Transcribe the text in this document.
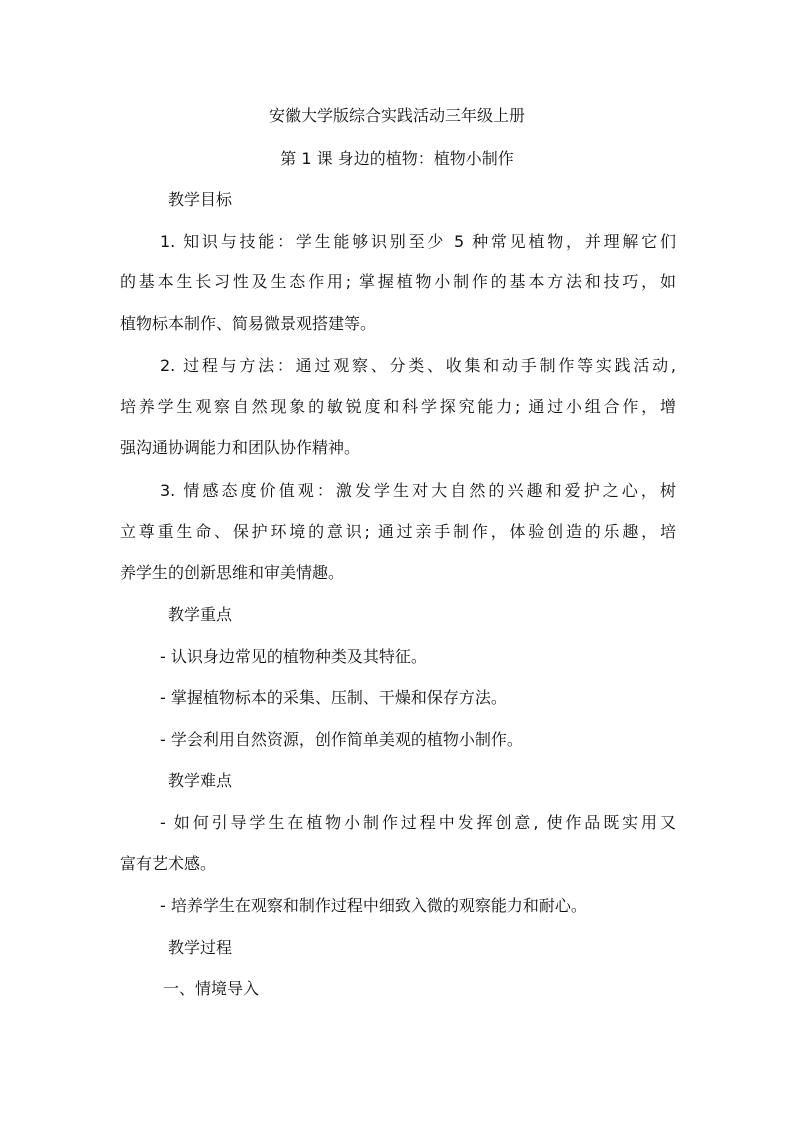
安徽大学版综合实践活动三年级上册
第 1 课 身边的植物：植物小制作
教学目标
1. 知识与技能：学生能够识别至少 5 种常见植物，并理解它们
的基本生长习性及生态作用; 掌握植物小制作的基本方法和技巧，如
植物标本制作、简易微景观搭建等。
2. 过程与方法：通过观察、分类、收集和动手制作等实践活动,
培养学生观察自然现象的敏锐度和科学探究能力; 通过小组合作，增
强沟通协调能力和团队协作精神。
3. 情感态度价值观：激发学生对大自然的兴趣和爱护之心，树
立尊重生命、保护环境的意识; 通过亲手制作，体验创造的乐趣，培
养学生的创新思维和审美情趣。
教学重点
- 认识身边常见的植物种类及其特征。
- 掌握植物标本的采集、压制、干燥和保存方法。
- 学会利用自然资源，创作简单美观的植物小制作。
教学难点
- 如何引导学生在植物小制作过程中发挥创意, 使作品既实用又
富有艺术感。
- 培养学生在观察和制作过程中细致入微的观察能力和耐心。
教学过程
一、情境导入
